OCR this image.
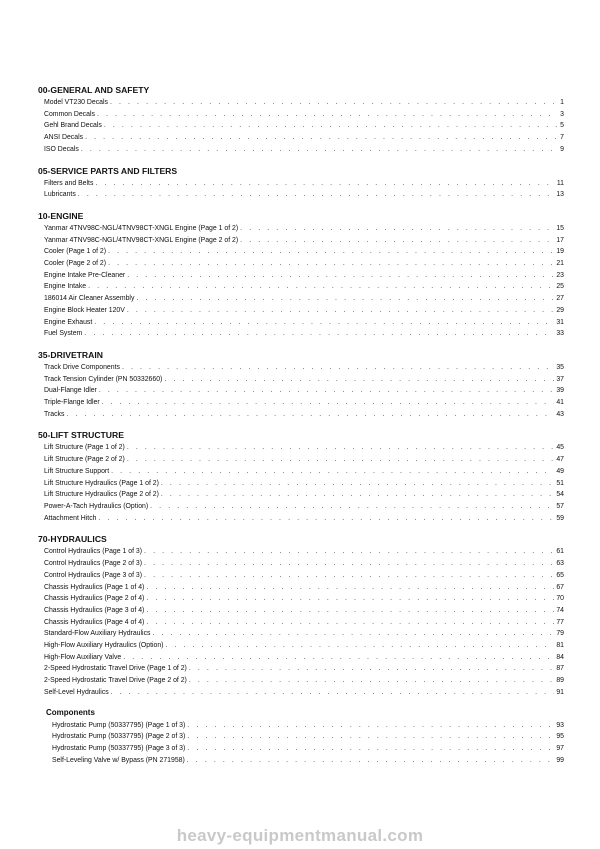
00-GENERAL AND SAFETY
Model VT230 Decals . . .	1
Common Decals . . .	3
Gehl Brand Decals . . .	5
ANSI Decals . . .	7
ISO Decals . . .	9
05-SERVICE PARTS AND FILTERS
Filters and Belts . . .	11
Lubricants . . .	13
10-ENGINE
Yanmar 4TNV98C-NGL/4TNV98CT-XNGL Engine (Page 1 of 2) . . .	15
Yanmar 4TNV98C-NGL/4TNV98CT-XNGL Engine (Page 2 of 2) . . .	17
Cooler (Page 1 of 2) . . .	19
Cooler (Page 2 of 2) . . .	21
Engine Intake Pre-Cleaner . . .	23
Engine Intake . . .	25
186014 Air Cleaner Assembly . . .	27
Engine Block Heater 120V . . .	29
Engine Exhaust . . .	31
Fuel System . . .	33
35-DRIVETRAIN
Track Drive Components . . .	35
Track Tension Cylinder (PN 50332660) . . .	37
Dual-Flange Idler . . .	39
Triple-Flange Idler . . .	41
Tracks . . .	43
50-LIFT STRUCTURE
Lift Structure (Page 1 of 2) . . .	45
Lift Structure (Page 2 of 2) . . .	47
Lift Structure Support . . .	49
Lift Structure Hydraulics (Page 1 of 2) . . .	51
Lift Structure Hydraulics (Page 2 of 2) . . .	54
Power-A-Tach Hydraulics (Option) . . .	57
Attachment Hitch . . .	59
70-HYDRAULICS
Control Hydraulics (Page 1 of 3) . . .	61
Control Hydraulics (Page 2 of 3) . . .	63
Control Hydraulics (Page 3 of 3) . . .	65
Chassis Hydraulics (Page 1 of 4) . . .	67
Chassis Hydraulics (Page 2 of 4) . . .	70
Chassis Hydraulics (Page 3 of 4) . . .	74
Chassis Hydraulics (Page 4 of 4) . . .	77
Standard-Flow Auxiliary Hydraulics . . .	79
High-Flow Auxiliary Hydraulics (Option) . . .	81
High-Flow Auxiliary Valve . . .	84
2-Speed Hydrostatic Travel Drive (Page 1 of 2) . . .	87
2-Speed Hydrostatic Travel Drive (Page 2 of 2) . . .	89
Self-Level Hydraulics . . .	91
Components
Hydrostatic Pump (50337795) (Page 1 of 3) . . .	93
Hydrostatic Pump (50337795) (Page 2 of 3) . . .	95
Hydrostatic Pump (50337795) (Page 3 of 3) . . .	97
Self-Leveling Valve w/ Bypass (PN 271958) . . .	99
heavy-equipmentmanual.com
